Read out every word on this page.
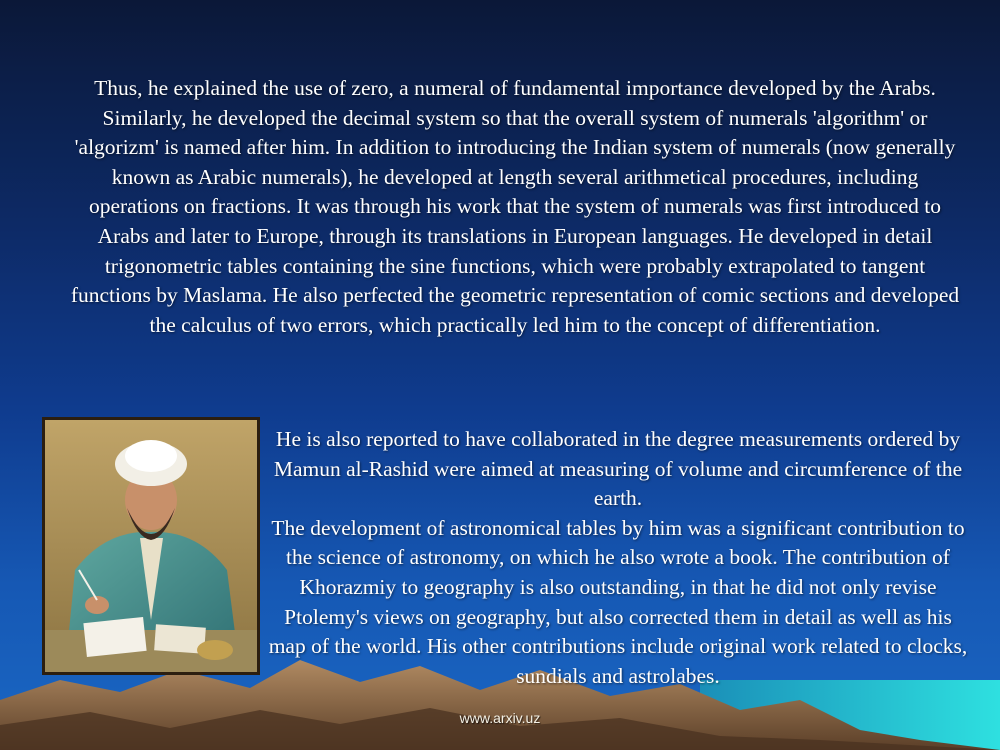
Thus, he explained the use of zero, a numeral of fundamental importance developed by the Arabs. Similarly, he developed the decimal system so that the overall system of numerals 'algorithm' or 'algorizm' is named after him. In addition to introducing the Indian system of numerals (now generally known as Arabic numerals), he developed at length several arithmetical procedures, including operations on fractions. It was through his work that the system of numerals was first introduced to Arabs and later to Europe, through its translations in European languages. He developed in detail trigonometric tables containing the sine functions, which were probably extrapolated to tangent functions by Maslama. He also perfected the geometric representation of comic sections and developed the calculus of two errors, which practically led him to the concept of differentiation.

He is also reported to have collaborated in the degree measurements ordered by Mamun al-Rashid were aimed at measuring of volume and circumference of the earth.

The development of astronomical tables by him was a significant contribution to the science of astronomy, on which he also wrote a book. The contribution of Khorazmiy to geography is also outstanding, in that he did not only revise Ptolemy's views on geography, but also corrected them in detail as well as his map of the world. His other contributions include original work related to clocks, sundials and astrolabes.

www.arxiv.uz
